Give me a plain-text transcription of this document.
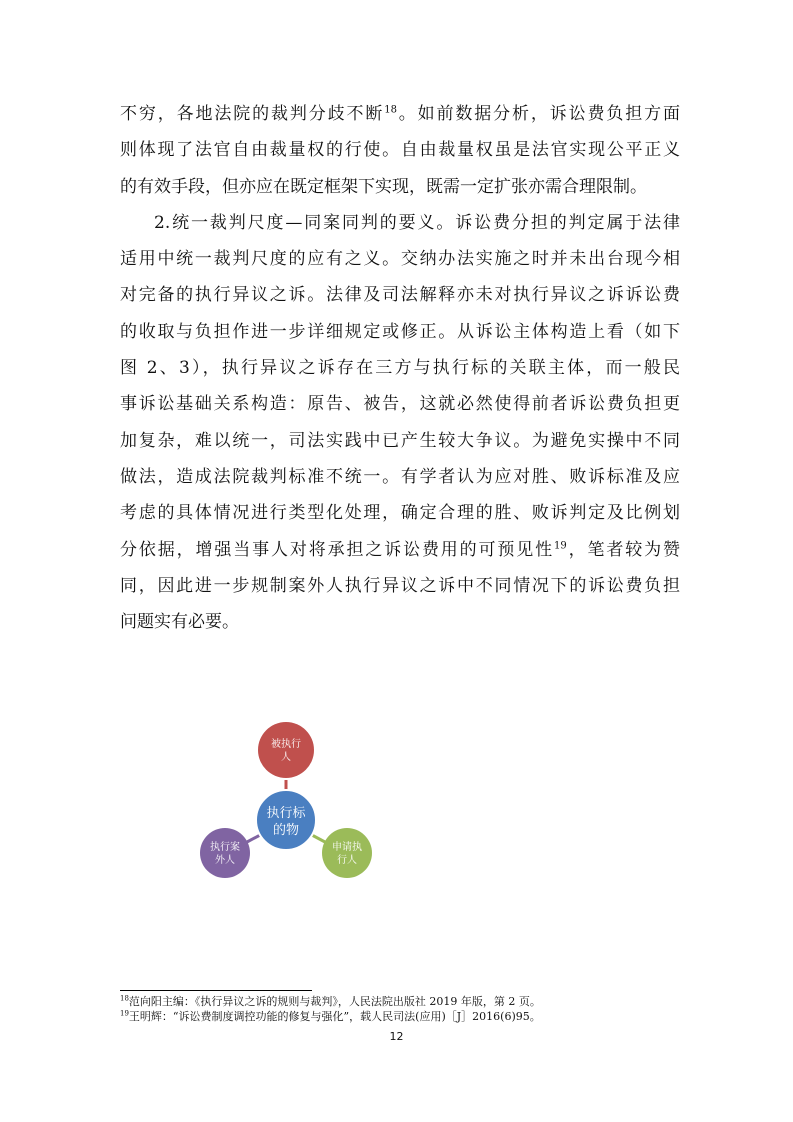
不穷，各地法院的裁判分歧不断$^{18}$。如前数据分析，诉讼费负担方面
则体现了法官自由裁量权的行使。自由裁量权虽是法官实现公平正义
的有效手段，但亦应在既定框架下实现，既需一定扩张亦需合理限制。
2.统一裁判尺度—同案同判的要义。诉讼费分担的判定属于法律
适用中统一裁判尺度的应有之义。交纳办法实施之时并未出台现今相
对完备的执行异议之诉。法律及司法解释亦未对执行异议之诉诉讼费
的收取与负担作进一步详细规定或修正。从诉讼主体构造上看（如下
图 2、3），执行异议之诉存在三方与执行标的关联主体，而一般民
事诉讼基础关系构造：原告、被告，这就必然使得前者诉讼费负担更
加复杂，难以统一，司法实践中已产生较大争议。为避免实操中不同
做法，造成法院裁判标准不统一。有学者认为应对胜、败诉标准及应
考虑的具体情况进行类型化处理，确定合理的胜、败诉判定及比例划
分依据，增强当事人对将承担之诉讼费用的可预见性$^{19}$，笔者较为赞
同，因此进一步规制案外人执行异议之诉中不同情况下的诉讼费负担
问题实有必要。
被执行
人
执行标
的物
执行案
外人
申请执
行人
$^{18}$范向阳主编：《执行异议之诉的规则与裁判》，人民法院出版社 2019 年版，第 2 页。
$^{19}$王明辉：“诉讼费制度调控功能的修复与强化”，载人民司法(应用)［J］2016(6)95。
12
